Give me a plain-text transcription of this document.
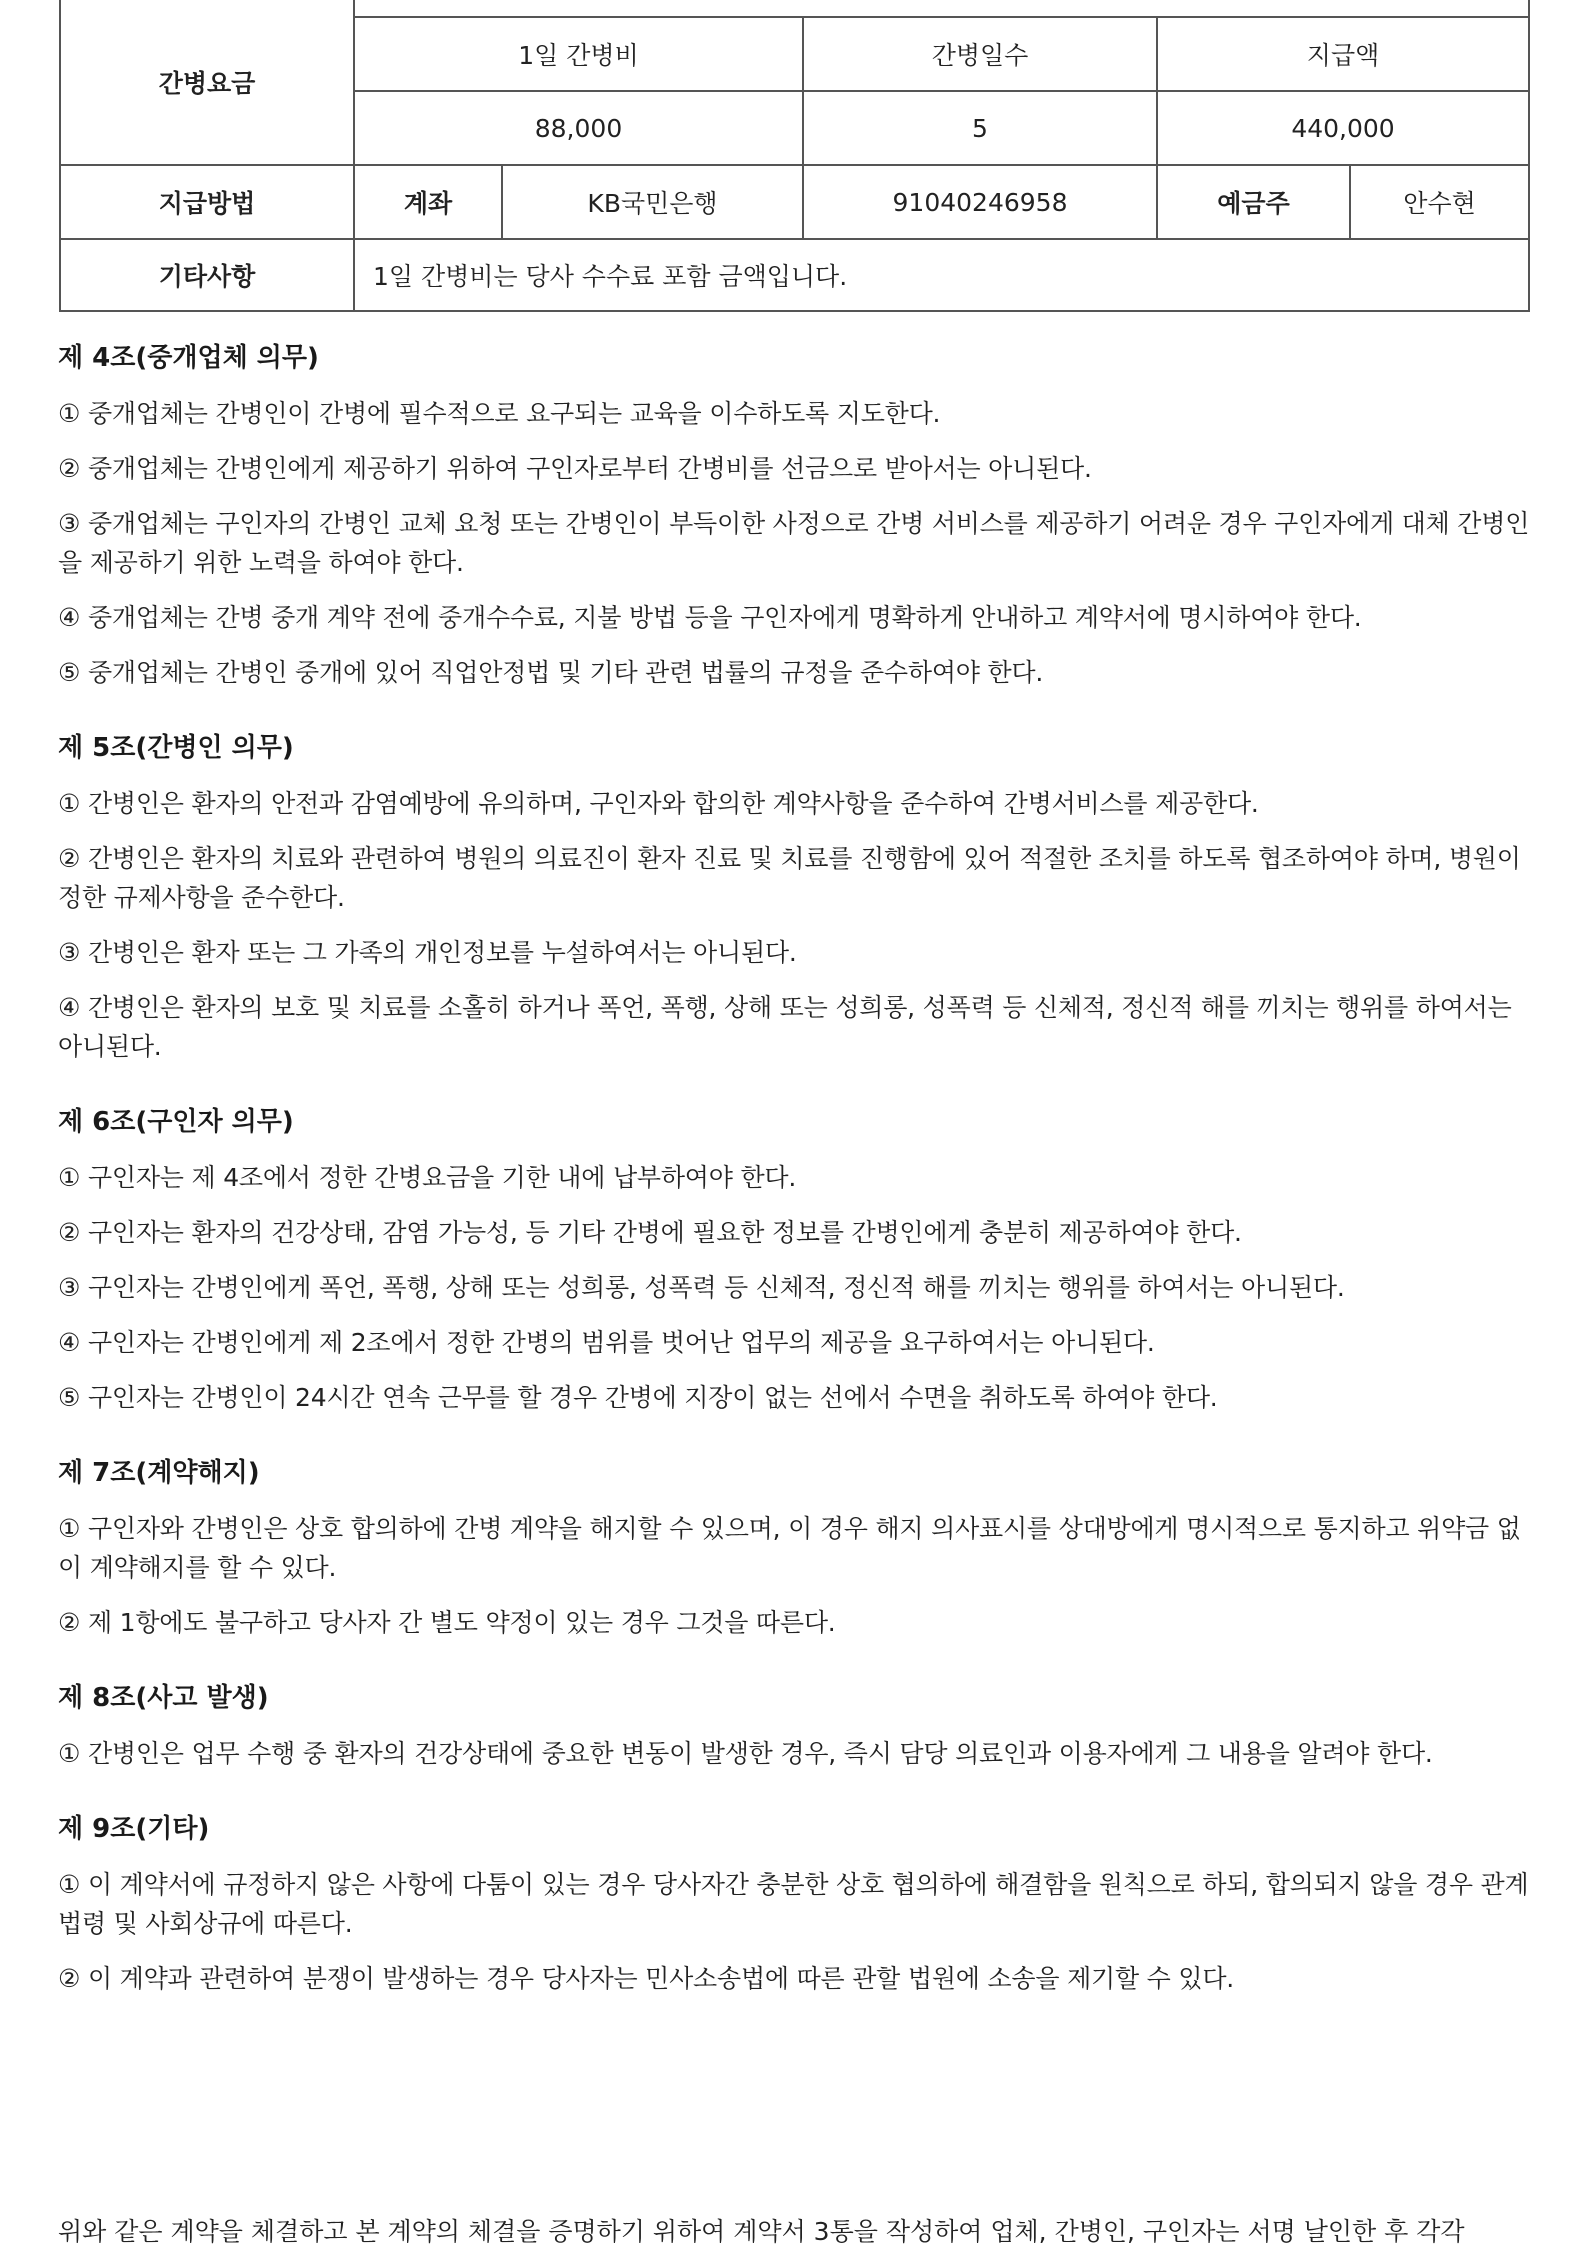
간병요금					
	1일 간병비		간병일수	지급액	
	88,000		5	440,000	
지급방법	계좌	KB국민은행	91040246958	예금주	안수현
기타사항	1일 간병비는 당사 수수료 포함 금액입니다.				
제 4조(중개업체 의무)

① 중개업체는 간병인이 간병에 필수적으로 요구되는 교육을 이수하도록 지도한다.

② 중개업체는 간병인에게 제공하기 위하여 구인자로부터 간병비를 선금으로 받아서는 아니된다.

③ 중개업체는 구인자의 간병인 교체 요청 또는 간병인이 부득이한 사정으로 간병 서비스를 제공하기 어려운 경우 구인자에게 대체 간병인을 제공하기 위한 노력을 하여야 한다.

④ 중개업체는 간병 중개 계약 전에 중개수수료, 지불 방법 등을 구인자에게 명확하게 안내하고 계약서에 명시하여야 한다.

⑤ 중개업체는 간병인 중개에 있어 직업안정법 및 기타 관련 법률의 규정을 준수하여야 한다.

제 5조(간병인 의무)

① 간병인은 환자의 안전과 감염예방에 유의하며, 구인자와 합의한 계약사항을 준수하여 간병서비스를 제공한다.

② 간병인은 환자의 치료와 관련하여 병원의 의료진이 환자 진료 및 치료를 진행함에 있어 적절한 조치를 하도록 협조하여야 하며, 병원이 정한 규제사항을 준수한다.

③ 간병인은 환자 또는 그 가족의 개인정보를 누설하여서는 아니된다.

④ 간병인은 환자의 보호 및 치료를 소홀히 하거나 폭언, 폭행, 상해 또는 성희롱, 성폭력 등 신체적, 정신적 해를 끼치는 행위를 하여서는 아니된다.

제 6조(구인자 의무)

① 구인자는 제 4조에서 정한 간병요금을 기한 내에 납부하여야 한다.

② 구인자는 환자의 건강상태, 감염 가능성, 등 기타 간병에 필요한 정보를 간병인에게 충분히 제공하여야 한다.

③ 구인자는 간병인에게 폭언, 폭행, 상해 또는 성희롱, 성폭력 등 신체적, 정신적 해를 끼치는 행위를 하여서는 아니된다.

④ 구인자는 간병인에게 제 2조에서 정한 간병의 범위를 벗어난 업무의 제공을 요구하여서는 아니된다.

⑤ 구인자는 간병인이 24시간 연속 근무를 할 경우 간병에 지장이 없는 선에서 수면을 취하도록 하여야 한다.

제 7조(계약해지)

① 구인자와 간병인은 상호 합의하에 간병 계약을 해지할 수 있으며, 이 경우 해지 의사표시를 상대방에게 명시적으로 통지하고 위약금 없이 계약해지를 할 수 있다.

② 제 1항에도 불구하고 당사자 간 별도 약정이 있는 경우 그것을 따른다.

제 8조(사고 발생)

① 간병인은 업무 수행 중 환자의 건강상태에 중요한 변동이 발생한 경우, 즉시 담당 의료인과 이용자에게 그 내용을 알려야 한다.

제 9조(기타)

① 이 계약서에 규정하지 않은 사항에 다툼이 있는 경우 당사자간 충분한 상호 협의하에 해결함을 원칙으로 하되, 합의되지 않을 경우 관계 법령 및 사회상규에 따른다.

② 이 계약과 관련하여 분쟁이 발생하는 경우 당사자는 민사소송법에 따른 관할 법원에 소송을 제기할 수 있다.

위와 같은 계약을 체결하고 본 계약의 체결을 증명하기 위하여 계약서 3통을 작성하여 업체, 간병인, 구인자는 서명 날인한 후 각각
